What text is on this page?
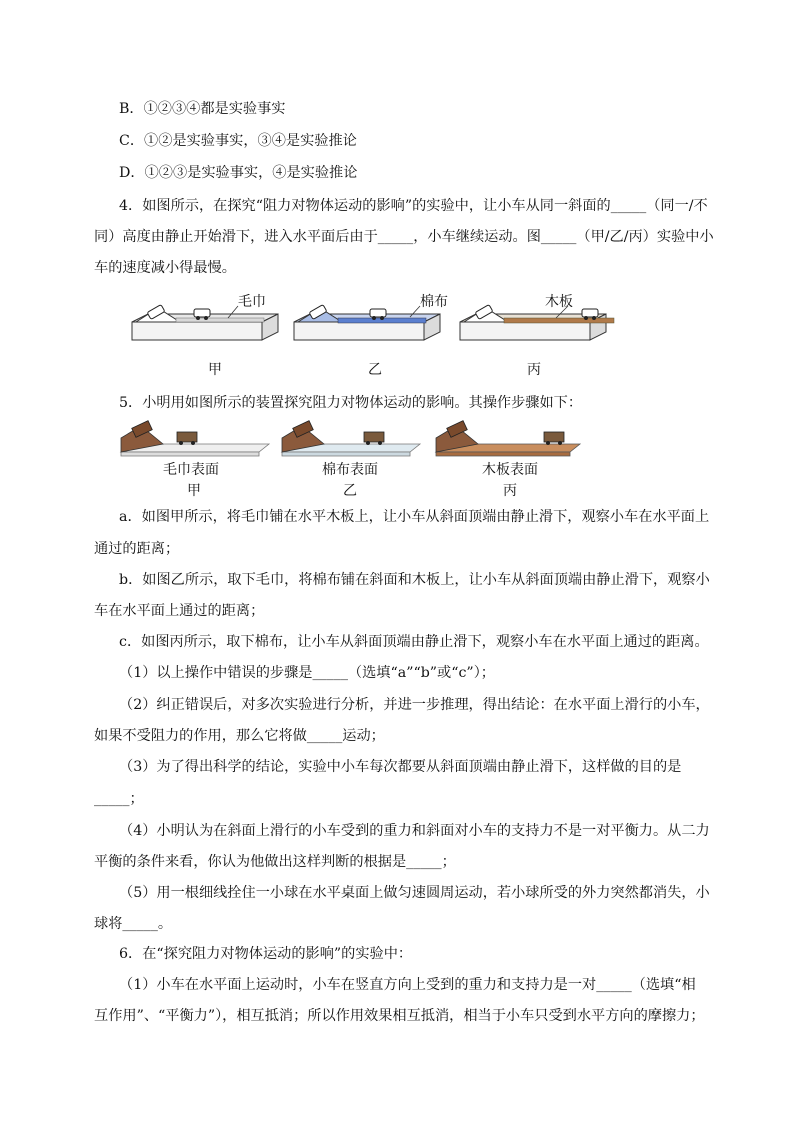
B．①②③④都是实验事实
C．①②是实验事实，③④是实验推论
D．①②③是实验事实，④是实验推论
4．如图所示，在探究“阻力对物体运动的影响”的实验中，让小车从同一斜面的_____（同一/不
同）高度由静止开始滑下，进入水平面后由于_____，小车继续运动。图_____（甲/乙/丙）实验中小
车的速度减小得最慢。
毛巾	棉布	木板
甲	乙	丙
5．小明用如图所示的装置探究阻力对物体运动的影响。其操作步骤如下：
毛巾表面	棉布表面	木板表面
甲	乙	丙
a．如图甲所示，将毛巾铺在水平木板上，让小车从斜面顶端由静止滑下，观察小车在水平面上
通过的距离；
b．如图乙所示，取下毛巾，将棉布铺在斜面和木板上，让小车从斜面顶端由静止滑下，观察小
车在水平面上通过的距离；
c．如图丙所示，取下棉布，让小车从斜面顶端由静止滑下，观察小车在水平面上通过的距离。
（1）以上操作中错误的步骤是_____（选填“a”“b”或“c”）；
（2）纠正错误后，对多次实验进行分析，并进一步推理，得出结论：在水平面上滑行的小车，
如果不受阻力的作用，那么它将做_____运动；
（3）为了得出科学的结论，实验中小车每次都要从斜面顶端由静止滑下，这样做的目的是
_____；
（4）小明认为在斜面上滑行的小车受到的重力和斜面对小车的支持力不是一对平衡力。从二力
平衡的条件来看，你认为他做出这样判断的根据是_____；
（5）用一根细线拴住一小球在水平桌面上做匀速圆周运动，若小球所受的外力突然都消失，小
球将_____。
6．在“探究阻力对物体运动的影响”的实验中：
（1）小车在水平面上运动时，小车在竖直方向上受到的重力和支持力是一对_____（选填“相
互作用”、“平衡力”），相互抵消；所以作用效果相互抵消，相当于小车只受到水平方向的摩擦力；
